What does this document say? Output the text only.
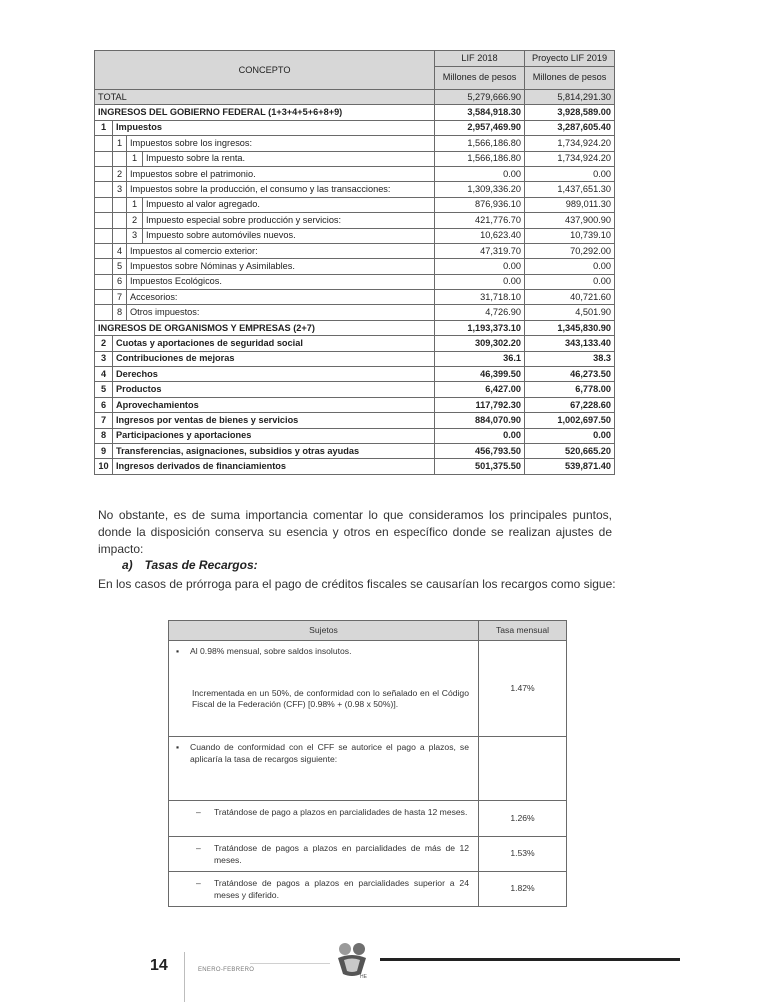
CONCEPTO				LIF 2018	Proyecto LIF 2019
				Millones de pesos	Millones de pesos
TOTAL				5,279,666.90	5,814,291.30
INGRESOS DEL GOBIERNO FEDERAL (1+3+4+5+6+8+9)				3,584,918.30	3,928,589.00
1	Impuestos			2,957,469.90	3,287,605.40
	1	Impuestos sobre los ingresos:		1,566,186.80	1,734,924.20
		1	Impuesto sobre la renta.	1,566,186.80	1,734,924.20
	2	Impuestos sobre el patrimonio.		0.00	0.00
	3	Impuestos sobre la producción, el consumo y las transacciones:		1,309,336.20	1,437,651.30
		1	Impuesto al valor agregado.	876,936.10	989,011.30
		2	Impuesto especial sobre producción y servicios:	421,776.70	437,900.90
		3	Impuesto sobre automóviles nuevos.	10,623.40	10,739.10
	4	Impuestos al comercio exterior:		47,319.70	70,292.00
	5	Impuestos sobre Nóminas y Asimilables.		0.00	0.00
	6	Impuestos Ecológicos.		0.00	0.00
	7	Accesorios:		31,718.10	40,721.60
	8	Otros impuestos:		4,726.90	4,501.90
INGRESOS DE ORGANISMOS Y EMPRESAS (2+7)				1,193,373.10	1,345,830.90
2	Cuotas y aportaciones de seguridad social			309,302.20	343,133.40
3	Contribuciones de mejoras			36.1	38.3
4	Derechos			46,399.50	46,273.50
5	Productos			6,427.00	6,778.00
6	Aprovechamientos			117,792.30	67,228.60
7	Ingresos por ventas de bienes y servicios			884,070.90	1,002,697.50
8	Participaciones y aportaciones			0.00	0.00
9	Transferencias, asignaciones, subsidios y otras ayudas			456,793.50	520,665.20
10	Ingresos derivados de financiamientos			501,375.50	539,871.40
No obstante, es de suma importancia comentar lo que consideramos los principales puntos, donde la disposición conserva su esencia y otros en específico donde se realizan ajustes de impacto:
a) Tasas de Recargos:
En los casos de prórroga para el pago de créditos fiscales se causarían los recargos como sigue:
Sujetos	Tasa mensual

▪ Al 0.98% mensual, sobre saldos insolutos.
Incrementada en un 50%, de conformidad con lo señalado en el Código Fiscal de la Federación (CFF) [0.98% + (0.98 x 50%)].	1.47%

▪ Cuando de conformidad con el CFF se autorice el pago a plazos, se aplicaría la tasa de recargos siguiente:	

– Tratándose de pago a plazos en parcialidades de hasta 12 meses.	1.26%

– Tratándose de pagos a plazos en parcialidades de más de 12 meses.	1.53%

– Tratándose de pagos a plazos en parcialidades superior a 24 meses y diferido.	1.82%
14	ENERO-FEBRERO
HE
